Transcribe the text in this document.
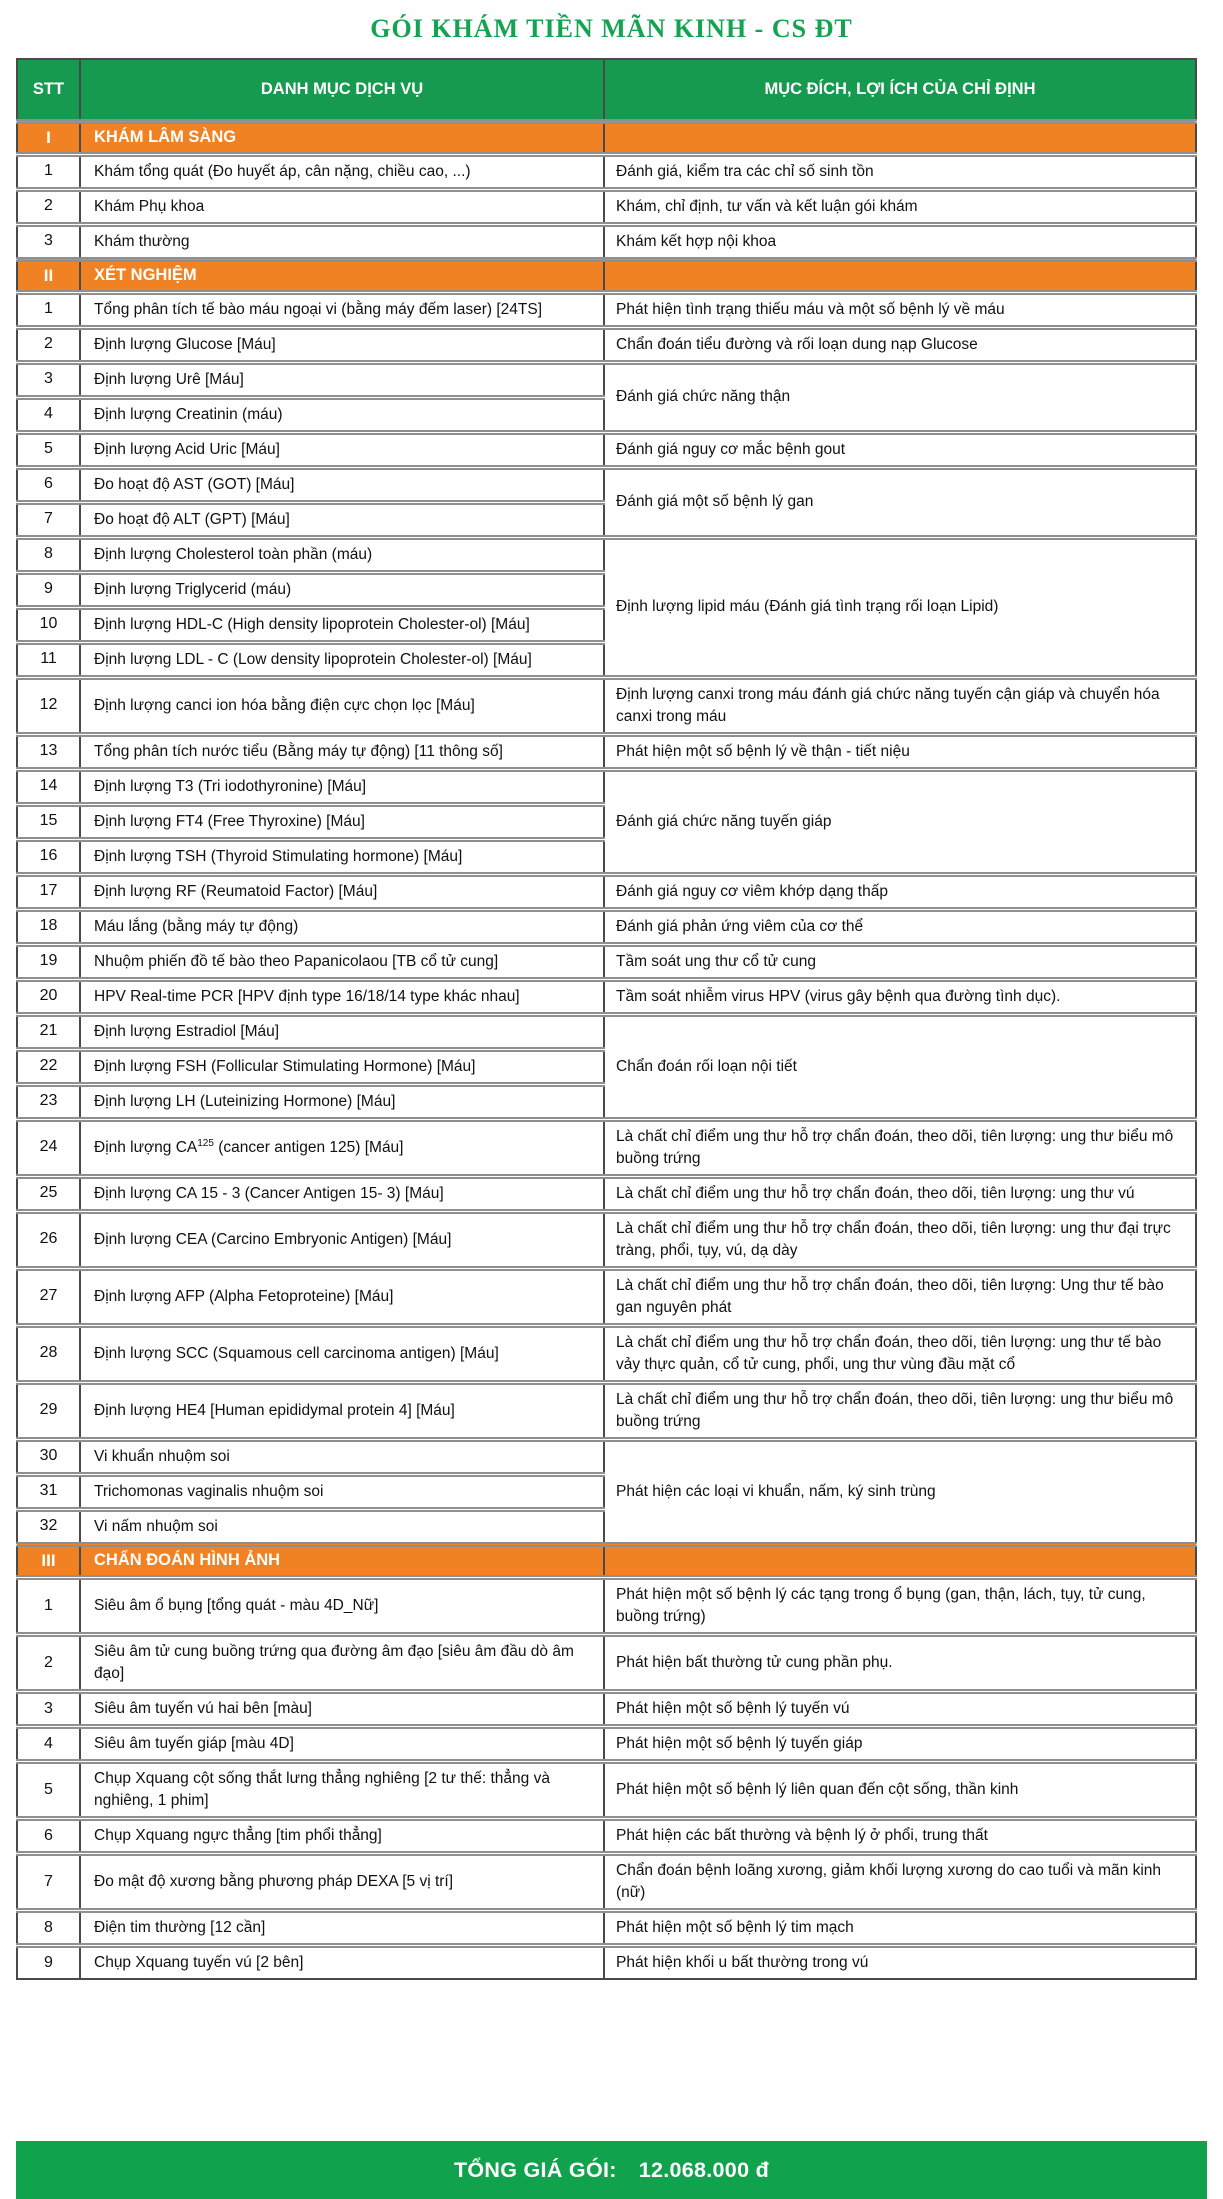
GÓI KHÁM TIỀN MÃN KINH - CS ĐT
STT	DANH MỤC DỊCH VỤ	MỤC ĐÍCH, LỢI ÍCH CỦA CHỈ ĐỊNH
I	KHÁM LÂM SÀNG	
1	Khám tổng quát (Đo huyết áp, cân nặng, chiều cao, ...)	Đánh giá, kiểm tra các chỉ số sinh tồn
2	Khám Phụ khoa	Khám, chỉ định, tư vấn và kết luận gói khám
3	Khám thường	Khám kết hợp nội khoa
II	XÉT NGHIỆM	
1	Tổng phân tích tế bào máu ngoại vi (bằng máy đếm laser) [24TS]	Phát hiện tình trạng thiếu máu và một số bệnh lý về máu
2	Định lượng Glucose [Máu]	Chẩn đoán tiểu đường và rối loạn dung nạp Glucose
3	Định lượng Urê [Máu]	Đánh giá chức năng thận
4	Định lượng Creatinin (máu)	
5	Định lượng Acid Uric [Máu]	Đánh giá nguy cơ mắc bệnh gout
6	Đo hoạt độ AST (GOT) [Máu]	Đánh giá một số bệnh lý gan
7	Đo hoạt độ ALT (GPT) [Máu]	
8	Định lượng Cholesterol toàn phần (máu)	Định lượng lipid máu (Đánh giá tình trạng rối loạn Lipid)
9	Định lượng Triglycerid (máu)	
10	Định lượng HDL-C (High density lipoprotein Cholester-ol) [Máu]	
11	Định lượng LDL - C (Low density lipoprotein Cholester-ol) [Máu]	
12	Định lượng canci ion hóa bằng điện cực chọn lọc [Máu]	Định lượng canxi trong máu đánh giá chức năng tuyến cận giáp và chuyển hóa canxi trong máu
13	Tổng phân tích nước tiểu (Bằng máy tự động) [11 thông số]	Phát hiện một số bệnh lý về thận - tiết niệu
14	Định lượng T3 (Tri iodothyronine) [Máu]	Đánh giá chức năng tuyến giáp
15	Định lượng FT4 (Free Thyroxine) [Máu]	
16	Định lượng TSH (Thyroid Stimulating hormone) [Máu]	
17	Định lượng RF (Reumatoid Factor) [Máu]	Đánh giá nguy cơ viêm khớp dạng thấp
18	Máu lắng (bằng máy tự động)	Đánh giá phản ứng viêm của cơ thể
19	Nhuộm phiến đồ tế bào theo Papanicolaou [TB cổ tử cung]	Tầm soát ung thư cổ tử cung
20	HPV Real-time PCR [HPV định type 16/18/14 type khác nhau]	Tầm soát nhiễm virus HPV (virus gây bệnh qua đường tình dục).
21	Định lượng Estradiol [Máu]	Chẩn đoán rối loạn nội tiết
22	Định lượng FSH (Follicular Stimulating Hormone) [Máu]	
23	Định lượng LH (Luteinizing Hormone) [Máu]	
24	Định lượng CA$^{125}$ (cancer antigen 125) [Máu]	Là chất chỉ điểm ung thư hỗ trợ chẩn đoán, theo dõi, tiên lượng: ung thư biểu mô buồng trứng
25	Định lượng CA 15 - 3 (Cancer Antigen 15- 3) [Máu]	Là chất chỉ điểm ung thư hỗ trợ chẩn đoán, theo dõi, tiên lượng: ung thư vú
26	Định lượng CEA (Carcino Embryonic Antigen) [Máu]	Là chất chỉ điểm ung thư hỗ trợ chẩn đoán, theo dõi, tiên lượng: ung thư đại trực tràng, phổi, tụy, vú, dạ dày
27	Định lượng AFP (Alpha Fetoproteine) [Máu]	Là chất chỉ điểm ung thư hỗ trợ chẩn đoán, theo dõi, tiên lượng: Ung thư tế bào gan nguyên phát
28	Định lượng SCC (Squamous cell carcinoma antigen) [Máu]	Là chất chỉ điểm ung thư hỗ trợ chẩn đoán, theo dõi, tiên lượng: ung thư tế bào vảy thực quản, cổ tử cung, phổi, ung thư vùng đầu mặt cổ
29	Định lượng HE4 [Human epididymal protein 4] [Máu]	Là chất chỉ điểm ung thư hỗ trợ chẩn đoán, theo dõi, tiên lượng: ung thư biểu mô buồng trứng
30	Vi khuẩn nhuộm soi	Phát hiện các loại vi khuẩn, nấm, ký sinh trùng
31	Trichomonas vaginalis nhuộm soi	
32	Vi nấm nhuộm soi	
III	CHẨN ĐOÁN HÌNH ẢNH	
1	Siêu âm ổ bụng [tổng quát - màu 4D_Nữ]	Phát hiện một số bệnh lý các tạng trong ổ bụng (gan, thận, lách, tụy, tử cung, buồng trứng)
2	Siêu âm tử cung buồng trứng qua đường âm đạo [siêu âm đầu dò âm đạo]	Phát hiện bất thường tử cung phần phụ.
3	Siêu âm tuyến vú hai bên [màu]	Phát hiện một số bệnh lý tuyến vú
4	Siêu âm tuyến giáp [màu 4D]	Phát hiện một số bệnh lý tuyến giáp
5	Chụp Xquang cột sống thắt lưng thẳng nghiêng [2 tư thế: thẳng và nghiêng, 1 phim]	Phát hiện một số bệnh lý liên quan đến cột sống, thần kinh
6	Chụp Xquang ngực thẳng [tim phổi thẳng]	Phát hiện các bất thường và bệnh lý ở phổi, trung thất
7	Đo mật độ xương bằng phương pháp DEXA [5 vị trí]	Chẩn đoán bệnh loãng xương, giảm khối lượng xương do cao tuổi và mãn kinh (nữ)
8	Điện tim thường [12 cần]	Phát hiện một số bệnh lý tim mạch
9	Chụp Xquang tuyến vú [2 bên]	Phát hiện khối u bất thường trong vú
TỔNG GIÁ GÓI: 12.068.000 đ
